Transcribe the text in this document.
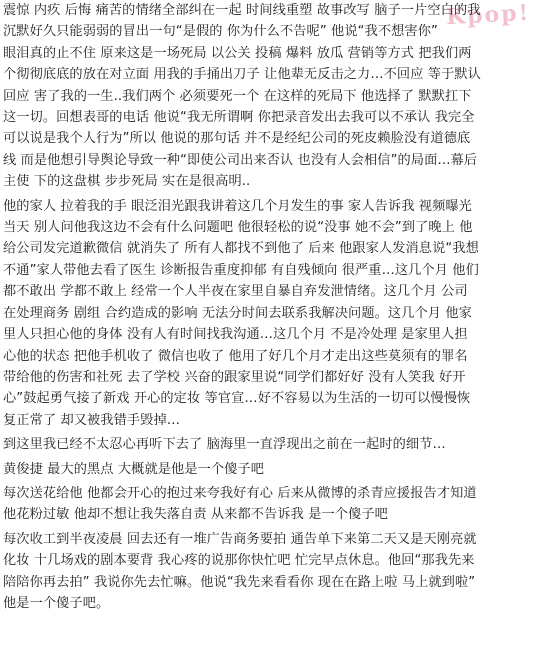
Kpop!

震惊 内疚 后悔 痛苦的情绪全部纠在一起 时间线重塑 故事改写 脑子一片空白的我
沉默好久只能弱弱的冒出一句“是假的 你为什么不告呢” 他说“我不想害你”
眼泪真的止不住 原来这是一场死局 以公关 投稿 爆料 放瓜 营销等方式 把我们两
个彻彻底底的放在对立面 用我的手捅出刀子 让他辈无反击之力…不回应 等于默认
回应 害了我的一生..我们两个 必须要死一个 在这样的死局下 他选择了 默默扛下
这一切。回想表哥的电话 他说“我无所谓啊 你把录音发出去我可以不承认 我完全
可以说是我个人行为”所以 他说的那句话 并不是经纪公司的死皮赖脸没有道德底
线 而是他想引导舆论导致一种“即使公司出来否认 也没有人会相信”的局面…幕后
主使 下的这盘棋 步步死局 实在是很高明..

他的家人 拉着我的手 眼泛泪光跟我讲着这几个月发生的事 家人告诉我 视频曝光
当天 别人问他我这边不会有什么问题吧 他很轻松的说“没事 她不会”到了晚上 他
给公司发完道歉微信 就消失了 所有人都找不到他了 后来 他跟家人发消息说“我想
不通”家人带他去看了医生 诊断报告重度抑郁 有自残倾向 很严重…这几个月 他们
都不敢出 学都不敢上 经常一个人半夜在家里自暴自弃发泄情绪。这几个月 公司
在处理商务 剧组 合约造成的影响 无法分时间去联系我解决问题。这几个月 他家
里人只担心他的身体 没有人有时间找我沟通…这几个月 不是冷处理 是家里人担
心他的状态 把他手机收了 微信也收了 他用了好几个月才走出这些莫须有的罪名
带给他的伤害和社死 去了学校 兴奋的跟家里说“同学们都好好 没有人笑我 好开
心”鼓起勇气接了新戏 开心的定妆 等官宣…好不容易以为生活的一切可以慢慢恢
复正常了 却又被我错手毁掉…

到这里我已经不太忍心再听下去了 脑海里一直浮现出之前在一起时的细节…

黄俊捷 最大的黑点 大概就是他是一个傻子吧

每次送花给他 他都会开心的抱过来夸我好有心 后来从微博的杀青应援报告才知道
他花粉过敏 他却不想让我失落自责 从来都不告诉我 是一个傻子吧

每次收工到半夜凌晨 回去还有一堆广告商务要拍 通告单下来第二天又是天刚亮就
化妆 十几场戏的剧本要背 我心疼的说那你快忙吧 忙完早点休息。他回“那我先来
陪陪你再去拍” 我说你先去忙嘛。他说“我先来看看你 现在在路上啦 马上就到啦”
他是一个傻子吧。
